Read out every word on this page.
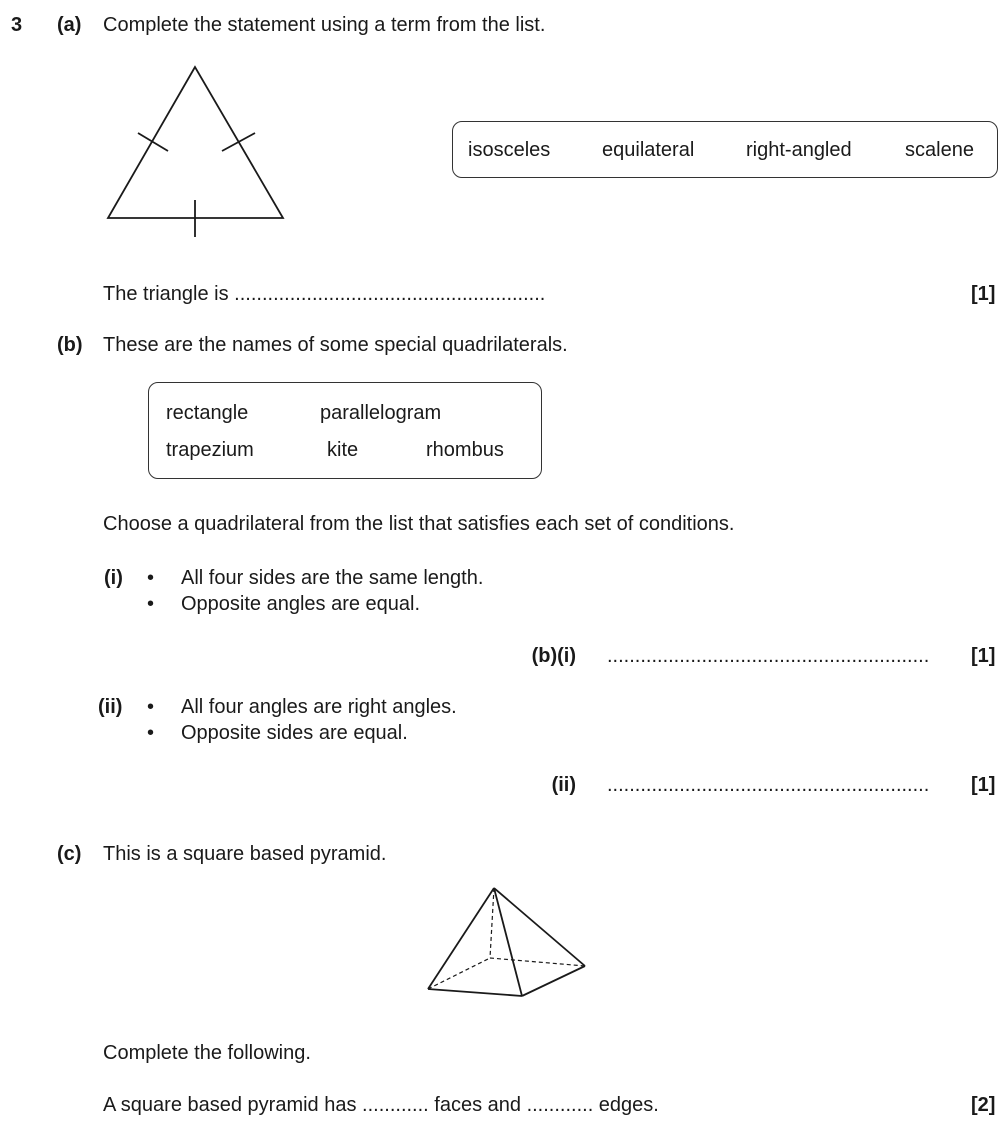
3 (a) Complete the statement using a term from the list.
isosceles	equilateral	right-angled	scalene
The triangle is ........................................................	[1]
(b) These are the names of some special quadrilaterals.
rectangle	parallelogram
trapezium	kite	rhombus
Choose a quadrilateral from the list that satisfies each set of conditions.
(i) • All four sides are the same length.
• Opposite angles are equal.
(b)(i) .......................................................... [1]
(ii) • All four angles are right angles.
• Opposite sides are equal.
(ii) .......................................................... [1]
(c) This is a square based pyramid.
Complete the following.
A square based pyramid has ............ faces and ............ edges.	[2]
